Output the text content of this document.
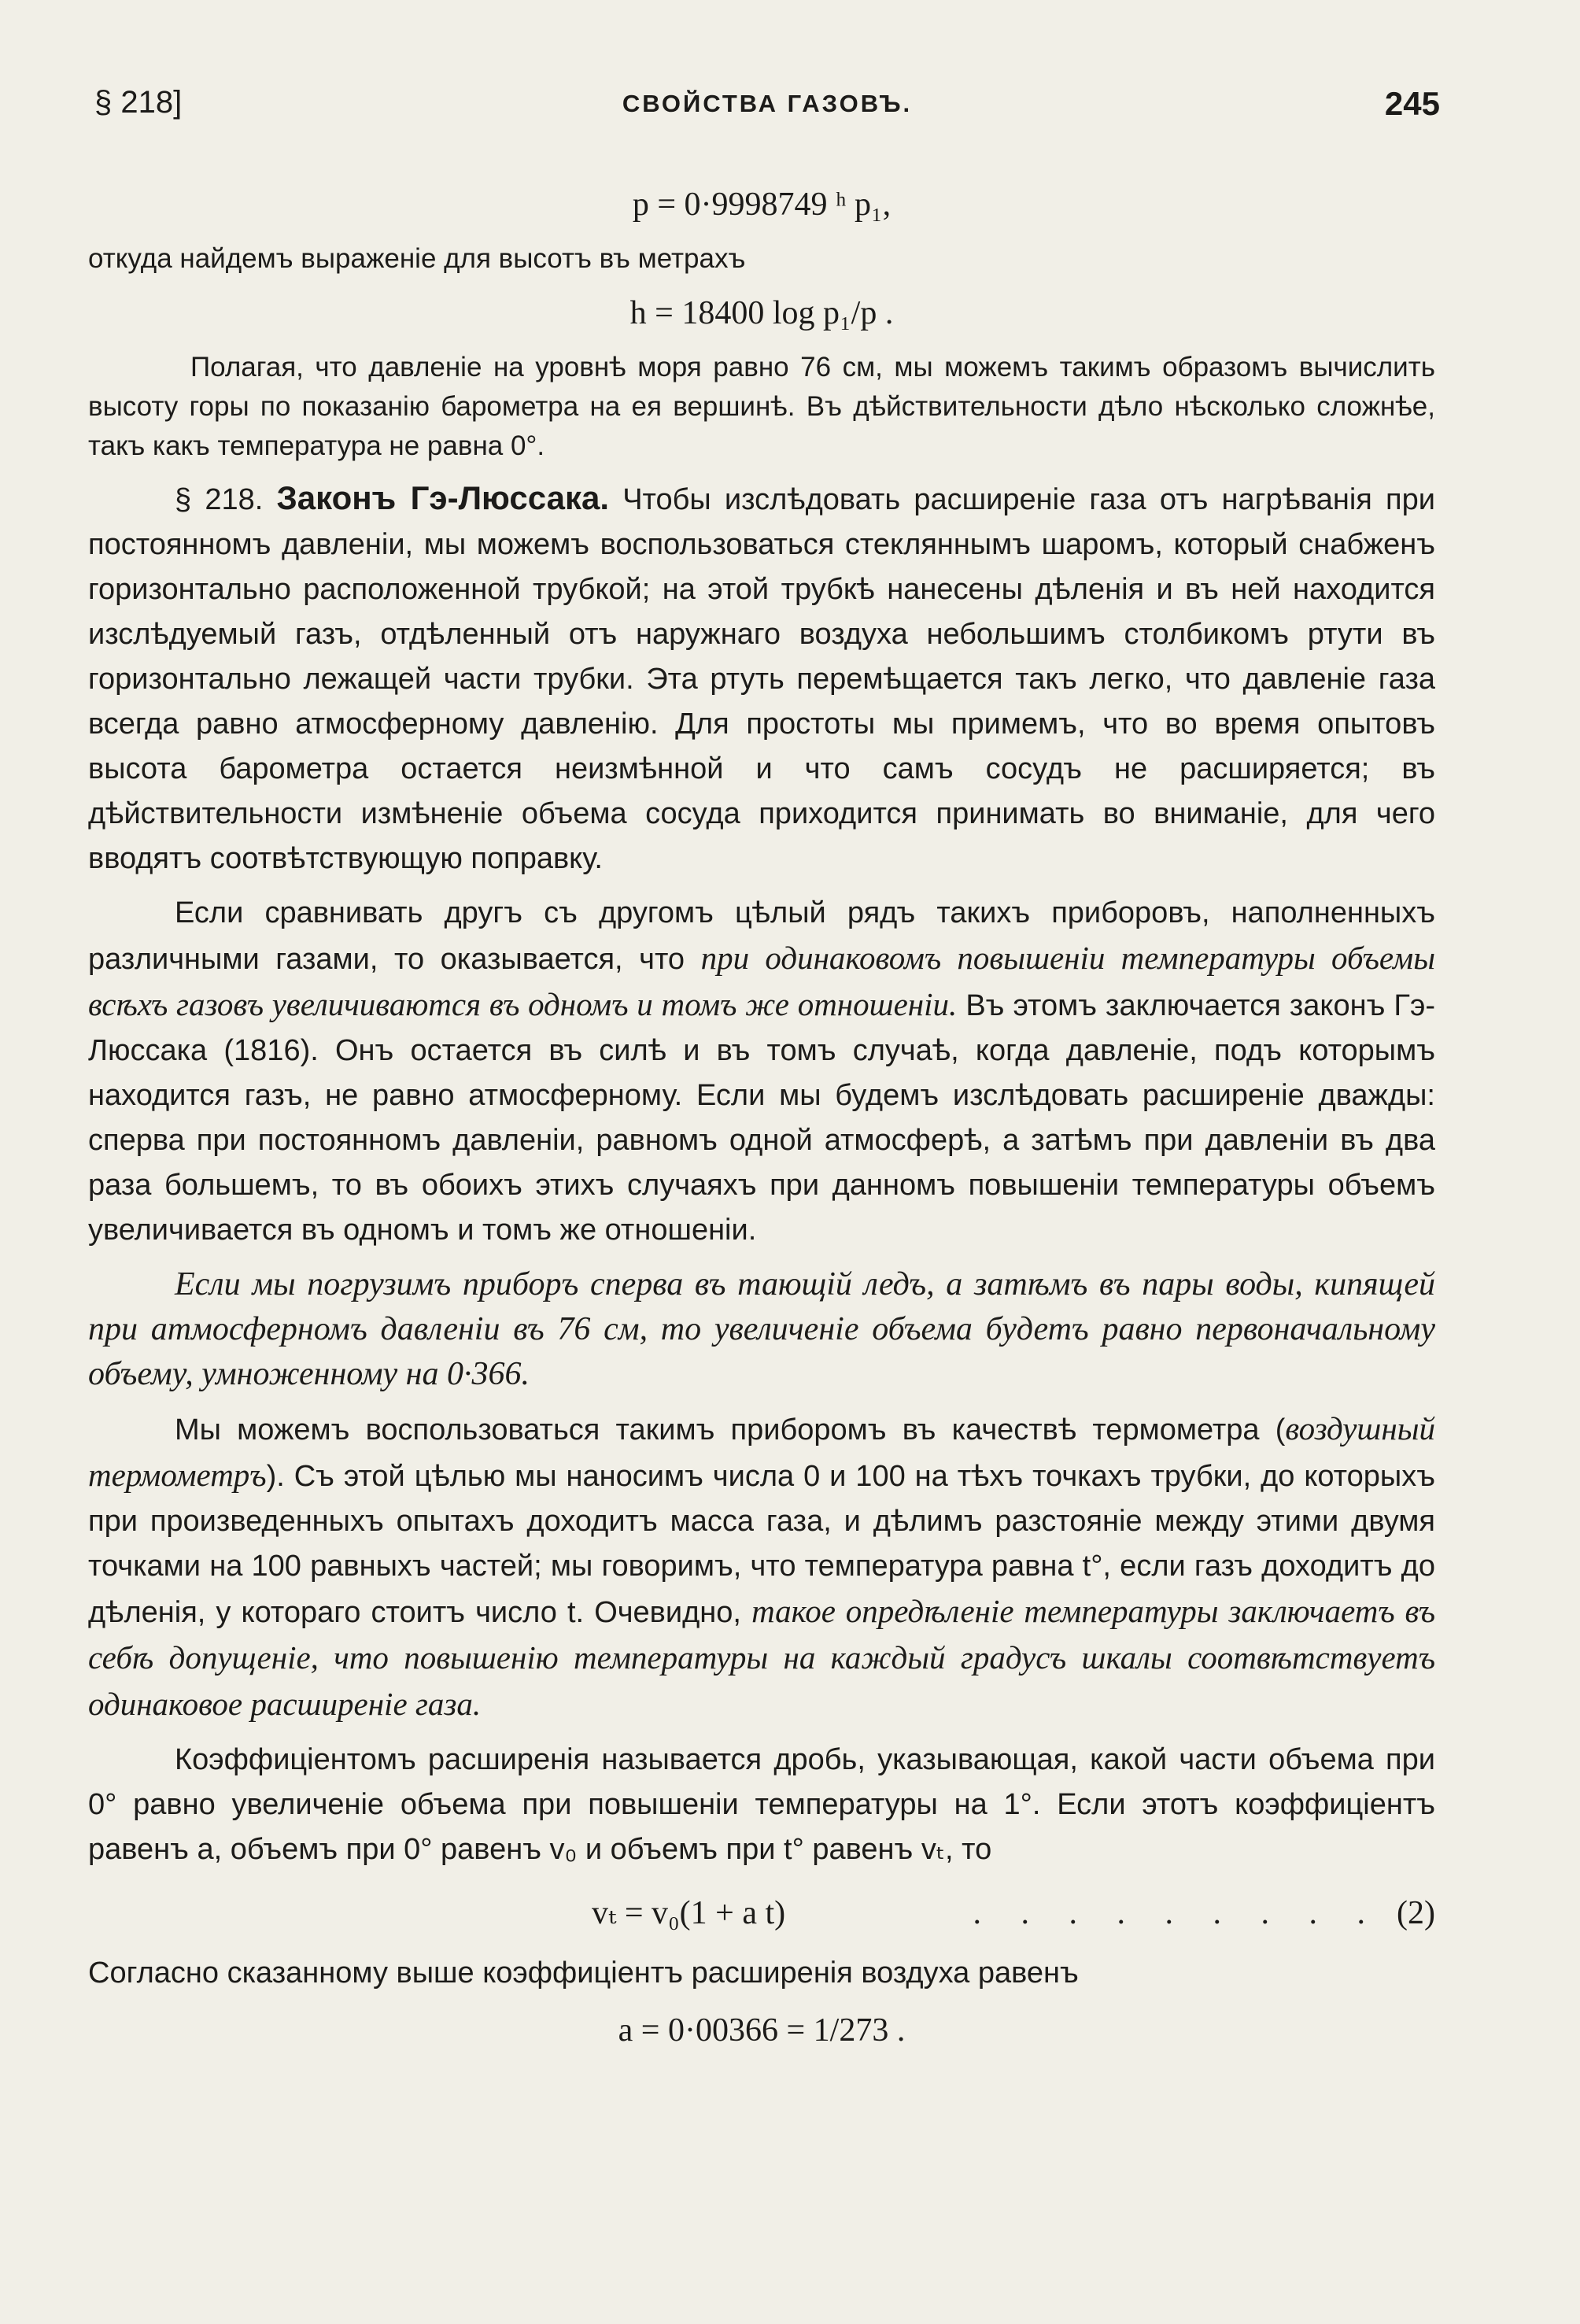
§ 218]	СВОЙСТВА ГАЗОВЪ.	245
p = 0·9998749 ʰ p₁,

откуда найдемъ выраженіе для высотъ въ метрахъ

h = 18400 log p₁/p .

Полагая, что давленіе на уровнѣ моря равно 76 см, мы можемъ такимъ образомъ вычислить высоту горы по показанію барометра на ея вершинѣ. Въ дѣйствительности дѣло нѣсколько сложнѣе, такъ какъ температура не равна 0°.

§ 218. Законъ Гэ-Люссака. Чтобы изслѣдовать расширеніе газа отъ нагрѣванія при постоянномъ давленіи, мы можемъ воспользоваться стекляннымъ шаромъ, который снабженъ горизонтально расположенной трубкой; на этой трубкѣ нанесены дѣленія и въ ней находится изслѣдуемый газъ, отдѣленный отъ наружнаго воздуха небольшимъ столбикомъ ртути въ горизонтально лежащей части трубки. Эта ртуть перемѣщается такъ легко, что давленіе газа всегда равно атмосферному давленію. Для простоты мы примемъ, что во время опытовъ высота барометра остается неизмѣнной и что самъ сосудъ не расширяется; въ дѣйствительности измѣненіе объема сосуда приходится принимать во вниманіе, для чего вводятъ соотвѣтствующую поправку.

Если сравнивать другъ съ другомъ цѣлый рядъ такихъ приборовъ, наполненныхъ различными газами, то оказывается, что при одинаковомъ повышеніи температуры объемы всѣхъ газовъ увеличиваются въ одномъ и томъ же отношеніи. Въ этомъ заключается законъ Гэ-Люссака (1816). Онъ остается въ силѣ и въ томъ случаѣ, когда давленіе, подъ которымъ находится газъ, не равно атмосферному. Если мы будемъ изслѣдовать расширеніе дважды: сперва при постоянномъ давленіи, равномъ одной атмосферѣ, а затѣмъ при давленіи въ два раза большемъ, то въ обоихъ этихъ случаяхъ при данномъ повышеніи температуры объемъ увеличивается въ одномъ и томъ же отношеніи.

Если мы погрузимъ приборъ сперва въ тающій ледъ, а затѣмъ въ пары воды, кипящей при атмосферномъ давленіи въ 76 см, то увеличеніе объема будетъ равно первоначальному объему, умноженному на 0·366.

Мы можемъ воспользоваться такимъ приборомъ въ качествѣ термометра (воздушный термометръ). Съ этой цѣлью мы наносимъ числа 0 и 100 на тѣхъ точкахъ трубки, до которыхъ при произведенныхъ опытахъ доходитъ масса газа, и дѣлимъ разстояніе между этими двумя точками на 100 равныхъ частей; мы говоримъ, что температура равна t°, если газъ доходитъ до дѣленія, у котораго стоитъ число t. Очевидно, такое опредѣленіе температуры заключаетъ въ себѣ допущеніе, что повышенію температуры на каждый градусъ шкалы соотвѣтствуетъ одинаковое расширеніе газа.

Коэффиціентомъ расширенія называется дробь, указывающая, какой части объема при 0° равно увеличеніе объема при повышеніи температуры на 1°. Если этотъ коэффиціентъ равенъ a, объемъ при 0° равенъ v₀ и объемъ при t° равенъ vₜ, то

vₜ = v₀(1 + a t)	. . . . . . . . . (2)

Согласно сказанному выше коэффиціентъ расширенія воздуха равенъ

a = 0·00366 = 1/273 .
